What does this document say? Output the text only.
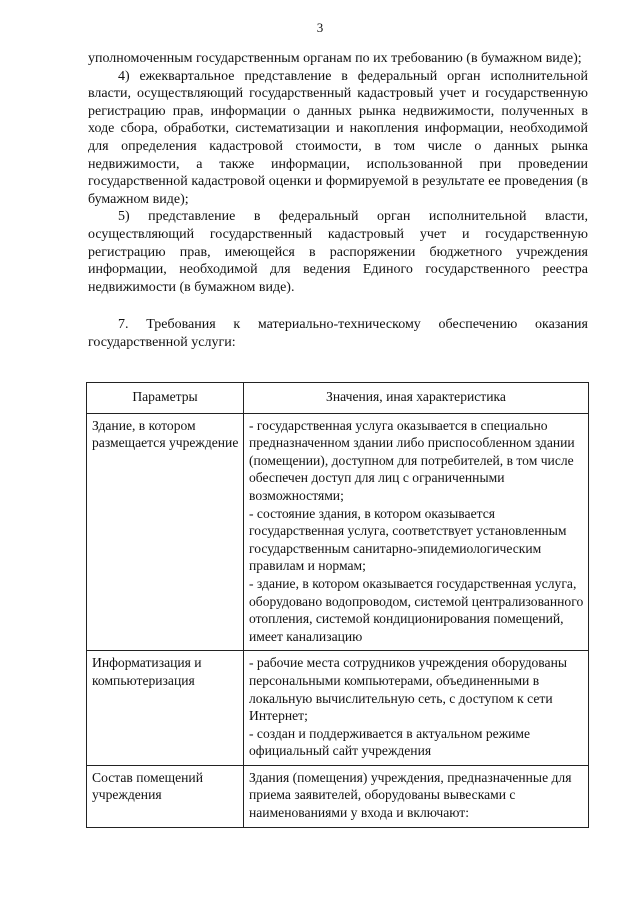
3

уполномоченным государственным органам по их требованию (в бумажном виде);

4) ежеквартальное представление в федеральный орган исполнительной власти, осуществляющий государственный кадастровый учет и государственную регистрацию прав, информации о данных рынка недвижимости, полученных в ходе сбора, обработки, систематизации и накопления информации, необходимой для определения кадастровой стоимости, в том числе о данных рынка недвижимости, а также информации, использованной при проведении государственной кадастровой оценки и формируемой в результате ее проведения (в бумажном виде);

5) представление в федеральный орган исполнительной власти, осуществляющий государственный кадастровый учет и государственную регистрацию прав, имеющейся в распоряжении бюджетного учреждения информации, необходимой для ведения Единого государственного реестра недвижимости (в бумажном виде).

7. Требования к материально-техническому обеспечению оказания государственной услуги:

Параметры	Значения, иная характеристика
Здание, в котором размещается учреждение	- государственная услуга оказывается в специально предназначенном здании либо приспособленном здании (помещении), доступном для потребителей, в том числе обеспечен доступ для лиц с ограниченными возможностями;
- состояние здания, в котором оказывается государственная услуга, соответствует установленным государственным санитарно-эпидемиологическим правилам и нормам;
- здание, в котором оказывается государственная услуга, оборудовано водопроводом, системой централизованного отопления, системой кондиционирования помещений, имеет канализацию

Информатизация и компьютеризация	- рабочие места сотрудников учреждения оборудованы персональными компьютерами, объединенными в локальную вычислительную сеть, с доступом к сети Интернет;
- создан и поддерживается в актуальном режиме официальный сайт учреждения

Состав помещений учреждения	Здания (помещения) учреждения, предназначенные для приема заявителей, оборудованы вывесками с наименованиями у входа и включают:
